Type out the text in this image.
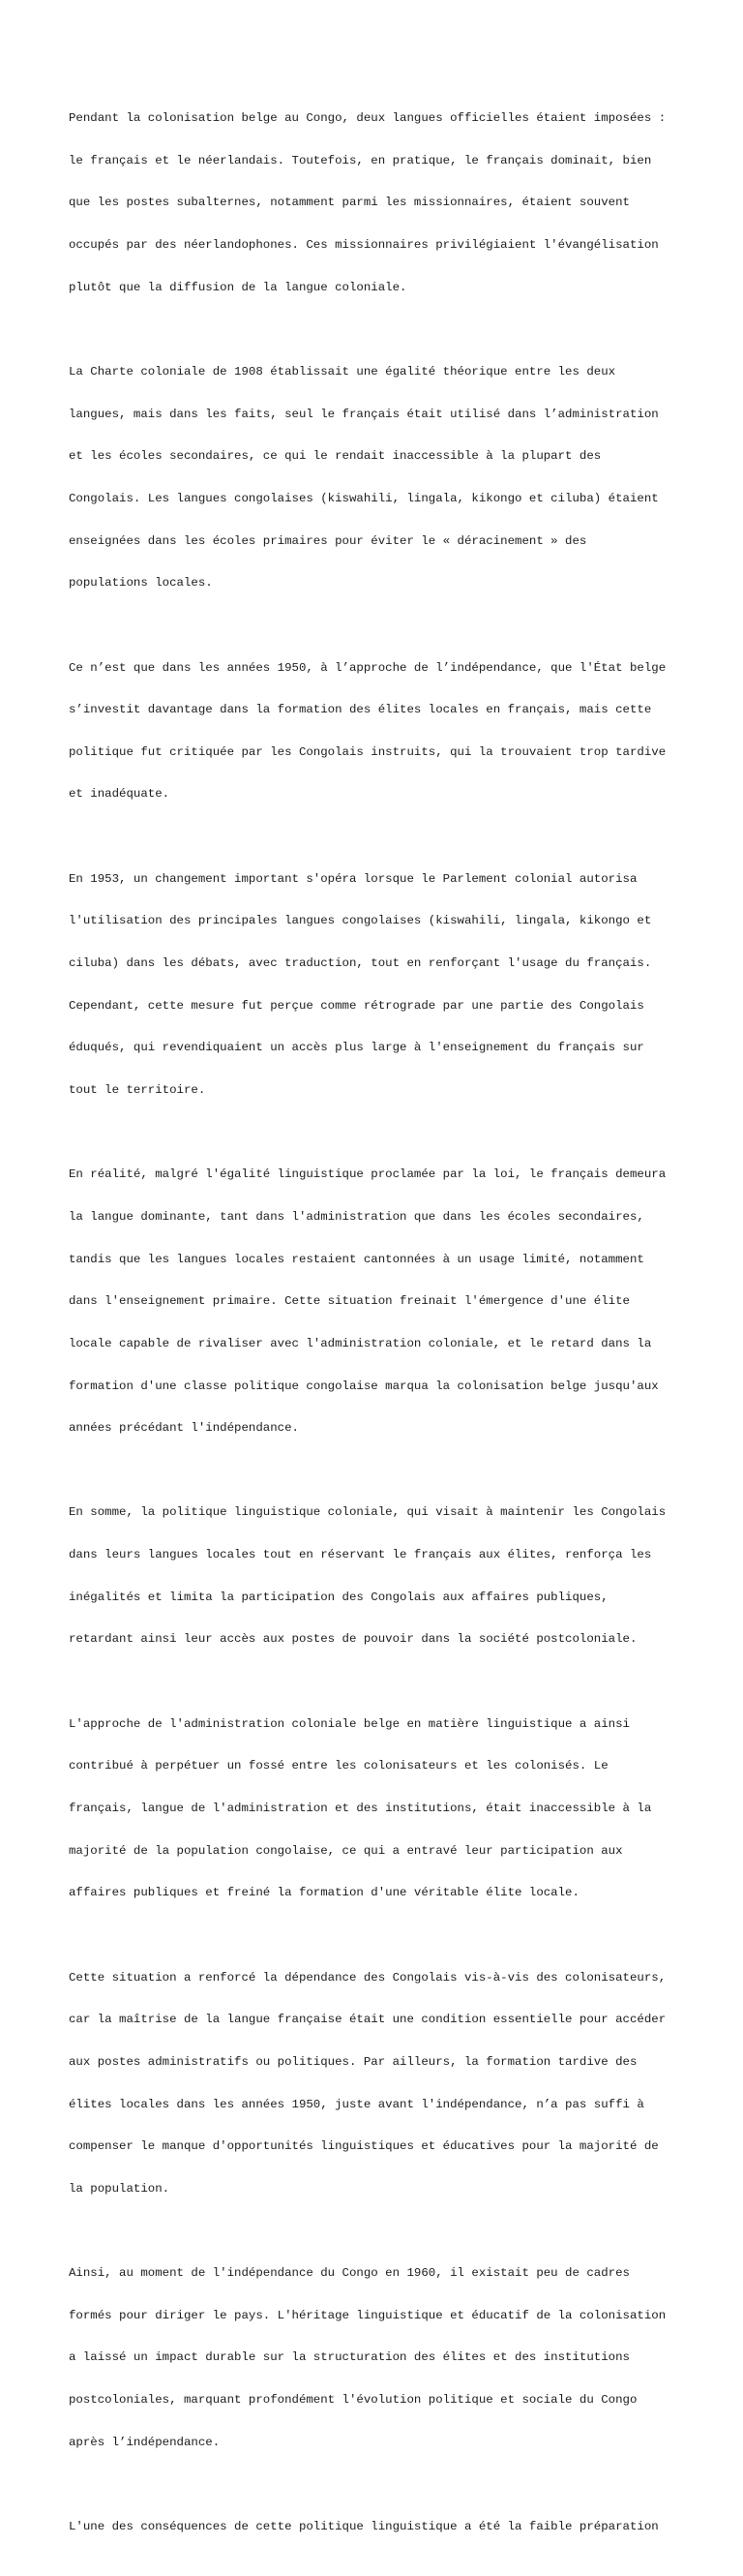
Pendant la colonisation belge au Congo, deux langues officielles étaient imposées :

le français et le néerlandais. Toutefois, en pratique, le français dominait, bien

que les postes subalternes, notamment parmi les missionnaires, étaient souvent

occupés par des néerlandophones. Ces missionnaires privilégiaient l'évangélisation

plutôt que la diffusion de la langue coloniale.

La Charte coloniale de 1908 établissait une égalité théorique entre les deux

langues, mais dans les faits, seul le français était utilisé dans l’administration

et les écoles secondaires, ce qui le rendait inaccessible à la plupart des

Congolais. Les langues congolaises (kiswahili, lingala, kikongo et ciluba) étaient

enseignées dans les écoles primaires pour éviter le « déracinement » des

populations locales.

Ce n’est que dans les années 1950, à l’approche de l’indépendance, que l'État belge

s’investit davantage dans la formation des élites locales en français, mais cette

politique fut critiquée par les Congolais instruits, qui la trouvaient trop tardive

et inadéquate.

En 1953, un changement important s'opéra lorsque le Parlement colonial autorisa

l'utilisation des principales langues congolaises (kiswahili, lingala, kikongo et

ciluba) dans les débats, avec traduction, tout en renforçant l'usage du français.

Cependant, cette mesure fut perçue comme rétrograde par une partie des Congolais

éduqués, qui revendiquaient un accès plus large à l'enseignement du français sur

tout le territoire.

En réalité, malgré l'égalité linguistique proclamée par la loi, le français demeura

la langue dominante, tant dans l'administration que dans les écoles secondaires,

tandis que les langues locales restaient cantonnées à un usage limité, notamment

dans l'enseignement primaire. Cette situation freinait l'émergence d'une élite

locale capable de rivaliser avec l'administration coloniale, et le retard dans la

formation d'une classe politique congolaise marqua la colonisation belge jusqu'aux

années précédant l'indépendance.

En somme, la politique linguistique coloniale, qui visait à maintenir les Congolais

dans leurs langues locales tout en réservant le français aux élites, renforça les

inégalités et limita la participation des Congolais aux affaires publiques,

retardant ainsi leur accès aux postes de pouvoir dans la société postcoloniale.

L'approche de l'administration coloniale belge en matière linguistique a ainsi

contribué à perpétuer un fossé entre les colonisateurs et les colonisés. Le

français, langue de l'administration et des institutions, était inaccessible à la

majorité de la population congolaise, ce qui a entravé leur participation aux

affaires publiques et freiné la formation d'une véritable élite locale.

Cette situation a renforcé la dépendance des Congolais vis-à-vis des colonisateurs,

car la maîtrise de la langue française était une condition essentielle pour accéder

aux postes administratifs ou politiques. Par ailleurs, la formation tardive des

élites locales dans les années 1950, juste avant l'indépendance, n’a pas suffi à

compenser le manque d'opportunités linguistiques et éducatives pour la majorité de

la population.

Ainsi, au moment de l'indépendance du Congo en 1960, il existait peu de cadres

formés pour diriger le pays. L'héritage linguistique et éducatif de la colonisation

a laissé un impact durable sur la structuration des élites et des institutions

postcoloniales, marquant profondément l'évolution politique et sociale du Congo

après l’indépendance.

L'une des conséquences de cette politique linguistique a été la faible préparation
